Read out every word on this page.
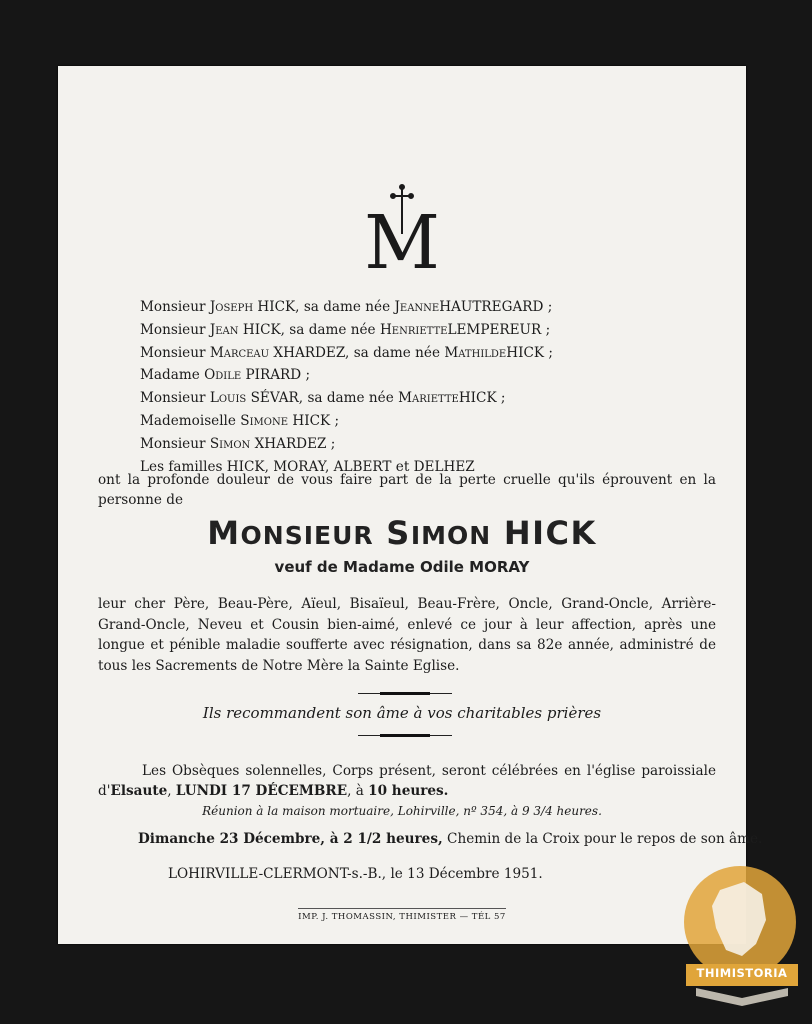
M
Monsieur Joseph HICK, sa dame née JeanneHAUTREGARD ;
Monsieur Jean HICK, sa dame née HenrietteLEMPEREUR ;
Monsieur Marceau XHARDEZ, sa dame née MathildeHICK ;
Madame Odile PIRARD ;
Monsieur Louis SÉVAR, sa dame née MarietteHICK ;
Mademoiselle Simone HICK ;
Monsieur Simon XHARDEZ ;
Les familles HICK, MORAY, ALBERT et DELHEZ
ont la profonde douleur de vous faire part de la perte cruelle qu'ils éprouvent en la personne de
MONSIEUR SIMON HICK
veuf de Madame Odile MORAY
leur cher Père, Beau-Père, Aïeul, Bisaïeul, Beau-Frère, Oncle, Grand-Oncle, Arrière-Grand-Oncle, Neveu et Cousin bien-aimé, enlevé ce jour à leur affection, après une longue et pénible maladie soufferte avec résignation, dans sa 82e année, administré de tous les Sacrements de Notre Mère la Sainte Eglise.
Ils recommandent son âme à vos charitables prières
Les Obsèques solennelles, Corps présent, seront célébrées en l'église paroissiale d'Elsaute, LUNDI 17 DÉCEMBRE, à 10 heures.
Réunion à la maison mortuaire, Lohirville, nº 354, à 9 3/4 heures.
Dimanche 23 Décembre, à 2 1/2 heures, Chemin de la Croix pour le repos de son âme.
LOHIRVILLE-CLERMONT-s.-B., le 13 Décembre 1951.
IMP. J. THOMASSIN, THIMISTER — TÉL 57
THIMISTORIA
